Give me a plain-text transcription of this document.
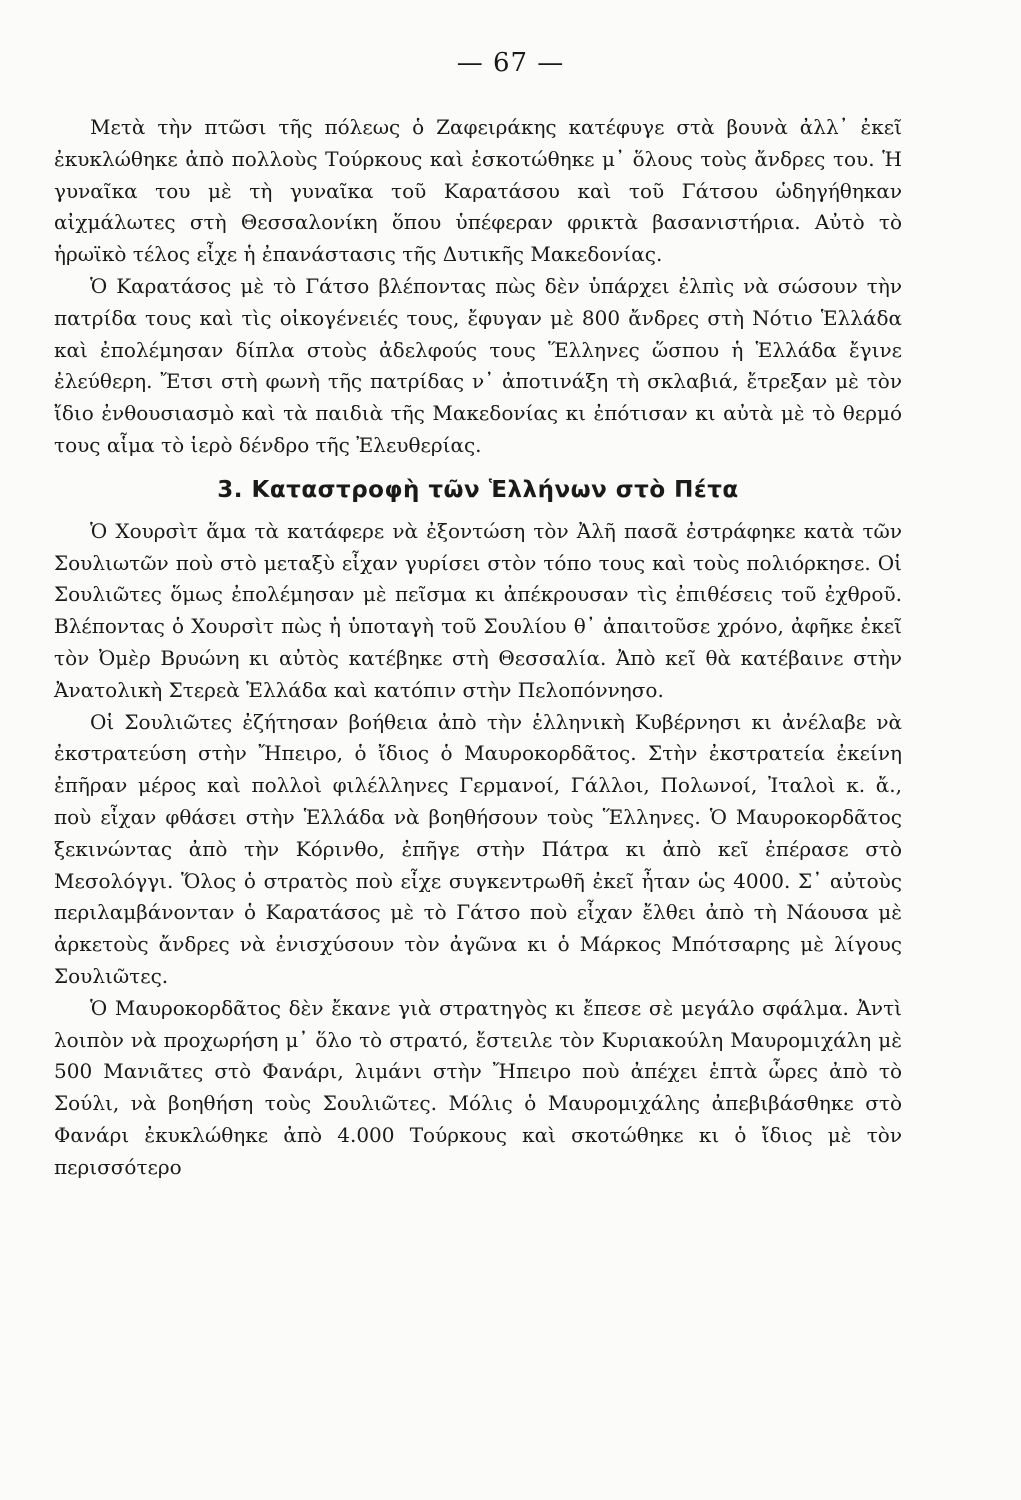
— 67 —

Μετὰ τὴν πτῶσι τῆς πόλεως ὁ Ζαφειράκης κατέφυγε στὰ βουνὰ ἀλλ᾽ ἐκεῖ ἐκυκλώθηκε ἀπὸ πολλοὺς Τούρκους καὶ ἐσκοτώθηκε μ᾽ ὅλους τοὺς ἄνδρες του. Ἡ γυναῖκα του μὲ τὴ γυναῖκα τοῦ Καρατάσου καὶ τοῦ Γάτσου ὡδηγήθηκαν αἰχμάλωτες στὴ Θεσσαλονίκη ὅπου ὑπέφεραν φρικτὰ βασανιστήρια. Αὐτὸ τὸ ἡρωϊκὸ τέλος εἶχε ἡ ἐπανάστασις τῆς Δυτικῆς Μακεδονίας.

Ὁ Καρατάσος μὲ τὸ Γάτσο βλέποντας πὼς δὲν ὑπάρχει ἐλπὶς νὰ σώσουν τὴν πατρίδα τους καὶ τὶς οἰκογένειές τους, ἔφυγαν μὲ 800 ἄνδρες στὴ Νότιο Ἑλλάδα καὶ ἐπολέμησαν δίπλα στοὺς ἀδελφούς τους Ἕλληνες ὥσπου ἡ Ἑλλάδα ἔγινε ἐλεύθερη. Ἔτσι στὴ φωνὴ τῆς πατρίδας ν᾽ ἀποτινάξη τὴ σκλαβιά, ἔτρεξαν μὲ τὸν ἴδιο ἐνθουσιασμὸ καὶ τὰ παιδιὰ τῆς Μακεδονίας κι ἐπότισαν κι αὐτὰ μὲ τὸ θερμό τους αἷμα τὸ ἱερὸ δένδρο τῆς Ἐλευθερίας.

3. Καταστροφὴ τῶν Ἑλλήνων στὸ Πέτα

Ὁ Χουρσὶτ ἅμα τὰ κατάφερε νὰ ἐξοντώση τὸν Ἀλῆ πασᾶ ἐστράφηκε κατὰ τῶν Σουλιωτῶν ποὺ στὸ μεταξὺ εἶχαν γυρίσει στὸν τόπο τους καὶ τοὺς πολιόρκησε. Οἱ Σουλιῶτες ὅμως ἐπολέμησαν μὲ πεῖσμα κι ἀπέκρουσαν τὶς ἐπιθέσεις τοῦ ἐχθροῦ. Βλέποντας ὁ Χουρσὶτ πὼς ἡ ὑποταγὴ τοῦ Σουλίου θ᾽ ἀπαιτοῦσε χρόνο, ἀφῆκε ἐκεῖ τὸν Ὀμὲρ Βρυώνη κι αὐτὸς κατέβηκε στὴ Θεσσαλία. Ἀπὸ κεῖ θὰ κατέβαινε στὴν Ἀνατολικὴ Στερεὰ Ἑλλάδα καὶ κατόπιν στὴν Πελοπόννησο.

Οἱ Σουλιῶτες ἐζήτησαν βοήθεια ἀπὸ τὴν ἑλληνικὴ Κυβέρνησι κι ἀνέλαβε νὰ ἐκστρατεύση στὴν Ἤπειρο, ὁ ἴδιος ὁ Μαυροκορδᾶτος. Στὴν ἐκστρατεία ἐκείνη ἐπῆραν μέρος καὶ πολλοὶ φιλέλληνες Γερμανοί, Γάλλοι, Πολωνοί, Ἰταλοὶ κ. ἄ., ποὺ εἶχαν φθάσει στὴν Ἑλλάδα νὰ βοηθήσουν τοὺς Ἕλληνες. Ὁ Μαυροκορδᾶτος ξεκινώντας ἀπὸ τὴν Κόρινθο, ἐπῆγε στὴν Πάτρα κι ἀπὸ κεῖ ἐπέρασε στὸ Μεσολόγγι. Ὅλος ὁ στρατὸς ποὺ εἶχε συγκεντρωθῆ ἐκεῖ ἦταν ὡς 4000. Σ᾽ αὐτοὺς περιλαμβάνονταν ὁ Καρατάσος μὲ τὸ Γάτσο ποὺ εἶχαν ἔλθει ἀπὸ τὴ Νάουσα μὲ ἀρκετοὺς ἄνδρες νὰ ἐνισχύσουν τὸν ἀγῶνα κι ὁ Μάρκος Μπότσαρης μὲ λίγους Σουλιῶτες.

Ὁ Μαυροκορδᾶτος δὲν ἔκανε γιὰ στρατηγὸς κι ἔπεσε σὲ μεγάλο σφάλμα. Ἀντὶ λοιπὸν νὰ προχωρήση μ᾽ ὅλο τὸ στρατό, ἔστειλε τὸν Κυριακούλη Μαυρομιχάλη μὲ 500 Μανιᾶτες στὸ Φανάρι, λιμάνι στὴν Ἤπειρο ποὺ ἀπέχει ἑπτὰ ὧρες ἀπὸ τὸ Σούλι, νὰ βοηθήση τοὺς Σουλιῶτες. Μόλις ὁ Μαυρομιχάλης ἀπεβιβάσθηκε στὸ Φανάρι ἐκυκλώθηκε ἀπὸ 4.000 Τούρκους καὶ σκοτώθηκε κι ὁ ἴδιος μὲ τὸν περισσότερο
